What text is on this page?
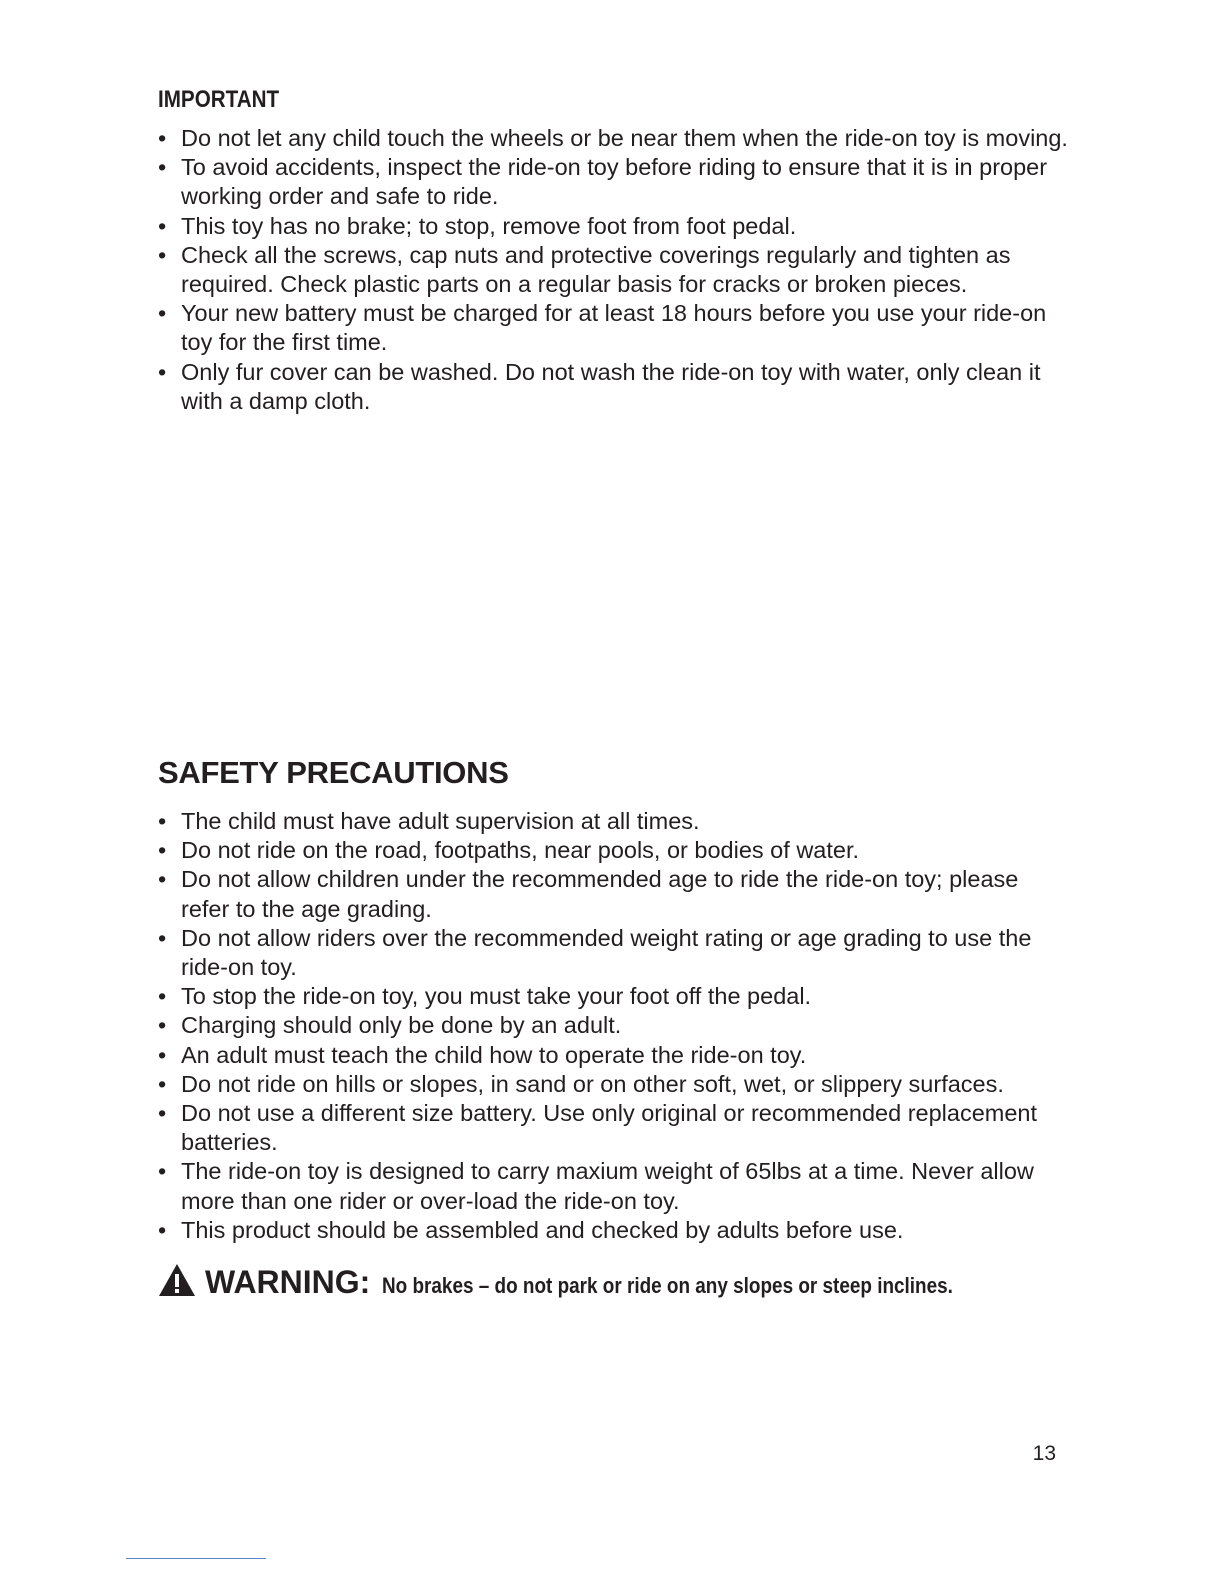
IMPORTANT
• Do not let any child touch the wheels or be near them when the ride-on toy is moving.
• To avoid accidents, inspect the ride-on toy before riding to ensure that it is in proper working order and safe to ride.
• This toy has no brake; to stop, remove foot from foot pedal.
• Check all the screws, cap nuts and protective coverings regularly and tighten as required. Check plastic parts on a regular basis for cracks or broken pieces.
• Your new battery must be charged for at least 18 hours before you use your ride-on toy for the first time.
• Only fur cover can be washed. Do not wash the ride-on toy with water, only clean it with a damp cloth.
SAFETY PRECAUTIONS
• The child must have adult supervision at all times.
• Do not ride on the road, footpaths, near pools, or bodies of water.
• Do not allow children under the recommended age to ride the ride-on toy; please refer to the age grading.
• Do not allow riders over the recommended weight rating or age grading to use the ride-on toy.
• To stop the ride-on toy, you must take your foot off the pedal.
• Charging should only be done by an adult.
• An adult must teach the child how to operate the ride-on toy.
• Do not ride on hills or slopes, in sand or on other soft, wet, or slippery surfaces.
• Do not use a different size battery. Use only original or recommended replacement batteries.
• The ride-on toy is designed to carry maxium weight of 65lbs at a time. Never allow more than one rider or over-load the ride-on toy.
• This product should be assembled and checked by adults before use.
WARNING: No brakes – do not park or ride on any slopes or steep inclines.
13
